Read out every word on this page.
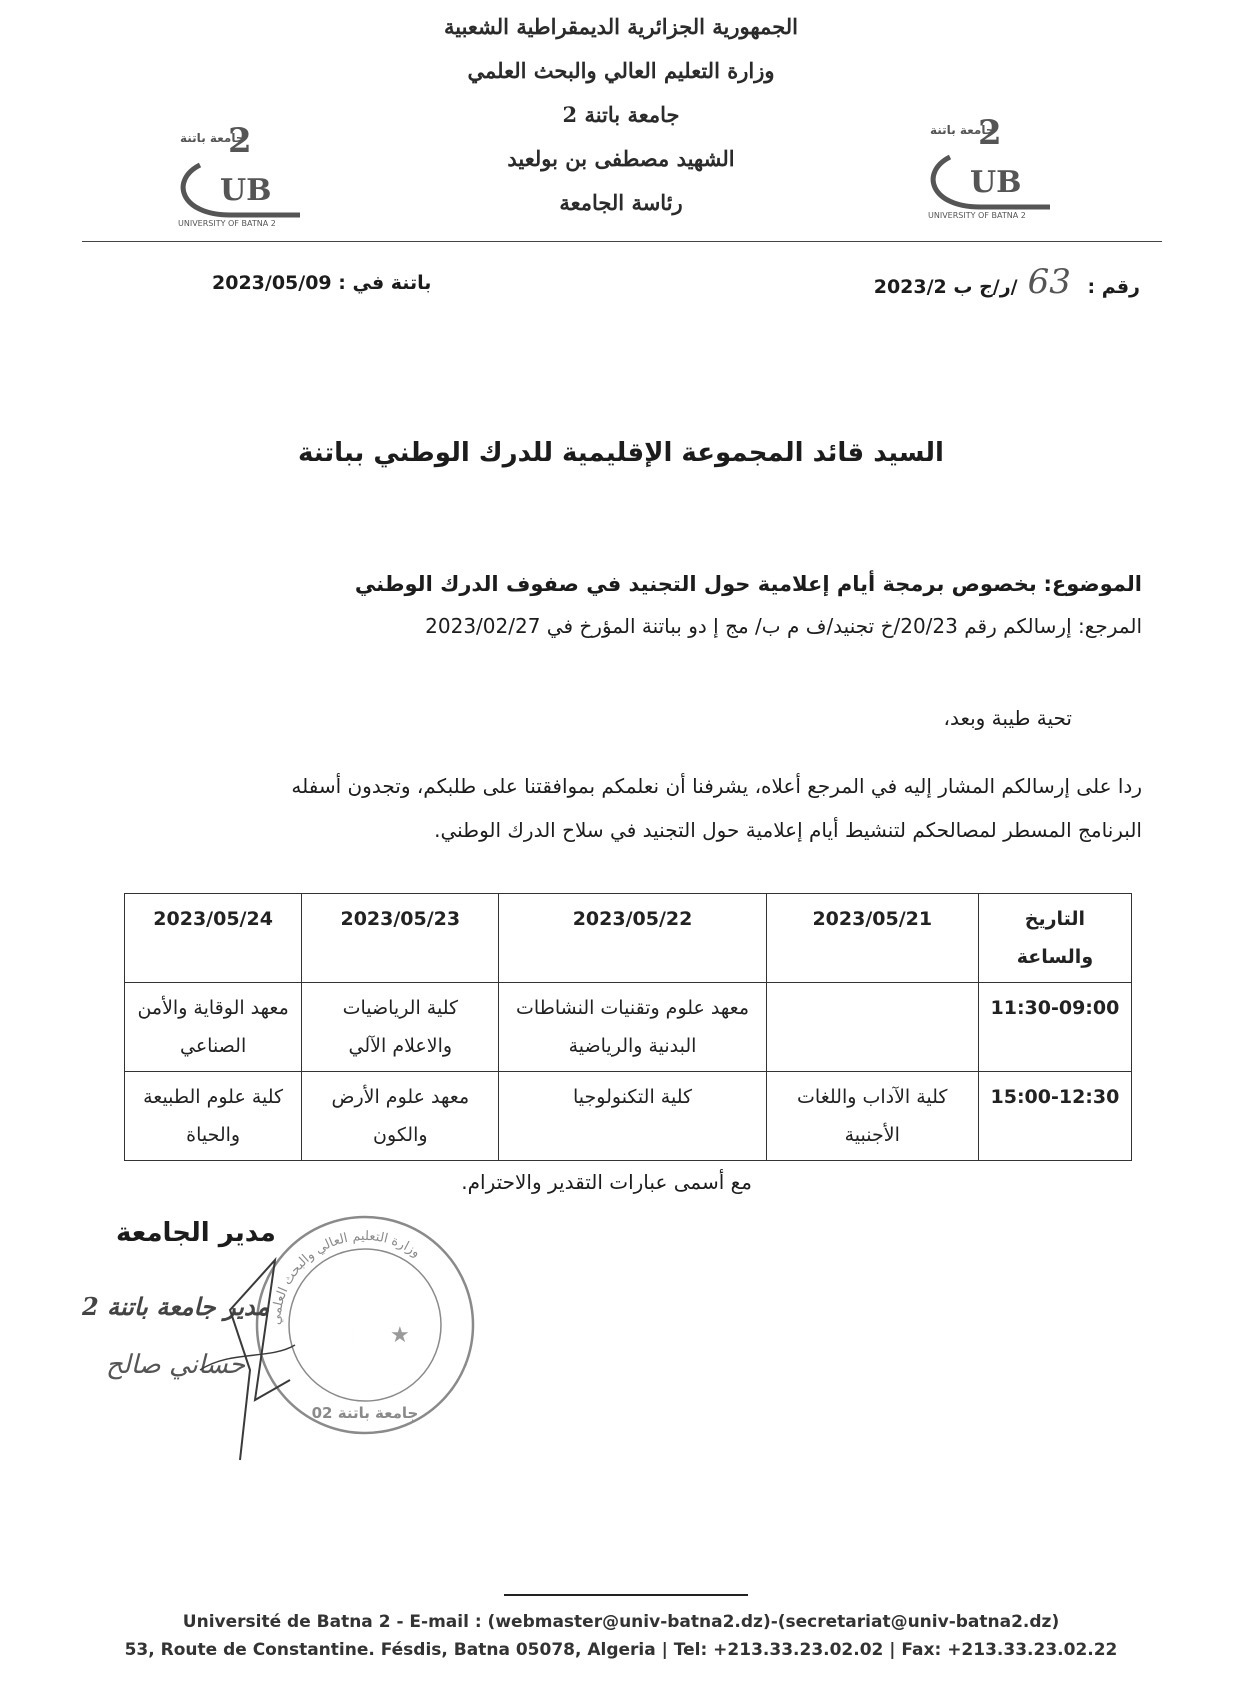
الجمهورية الجزائرية الديمقراطية الشعبية
وزارة التعليم العالي والبحث العلمي
جامعة باتنة 2
الشهيد مصطفى بن بولعيد
رئاسة الجامعة
جامعة باتنة
2
UB
UNIVERSITY OF BATNA 2
جامعة باتنة
2
UB
UNIVERSITY OF BATNA 2
رقم : 63/ر/ج ب 2023/2
باتنة في : 2023/05/09
السيد قائد المجموعة الإقليمية للدرك الوطني بباتنة
الموضوع: بخصوص برمجة أيام إعلامية حول التجنيد في صفوف الدرك الوطني
المرجع: إرسالكم رقم 20/23/خ تجنيد/ف م ب/ مج إ دو بباتنة المؤرخ في 2023/02/27
تحية طيبة وبعد،
ردا على إرسالكم المشار إليه في المرجع أعلاه، يشرفنا أن نعلمكم بموافقتنا على طلبكم، وتجدون أسفله
البرنامج المسطر لمصالحكم لتنشيط أيام إعلامية حول التجنيد في سلاح الدرك الوطني.
التاريخ والساعة	2023/05/21	2023/05/22	2023/05/23	2023/05/24
11:30-09:00		معهد علوم وتقنيات النشاطات البدنية والرياضية	كلية الرياضيات والاعلام الآلي	معهد الوقاية والأمن الصناعي
15:00-12:30	كلية الآداب واللغات الأجنبية	كلية التكنولوجيا	معهد علوم الأرض والكون	كلية علوم الطبيعة والحياة
مع أسمى عبارات التقدير والاحترام.
وزارة التعليم العالي والبحث العلمي
★
جامعة باتنة 02
مدير الجامعة
مدير جامعة باتنة 2
حساني صالح
Université de Batna 2 - E-mail : (webmaster@univ-batna2.dz)-(secretariat@univ-batna2.dz)
53, Route de Constantine. Fésdis, Batna 05078, Algeria | Tel: +213.33.23.02.02 | Fax: +213.33.23.02.22
